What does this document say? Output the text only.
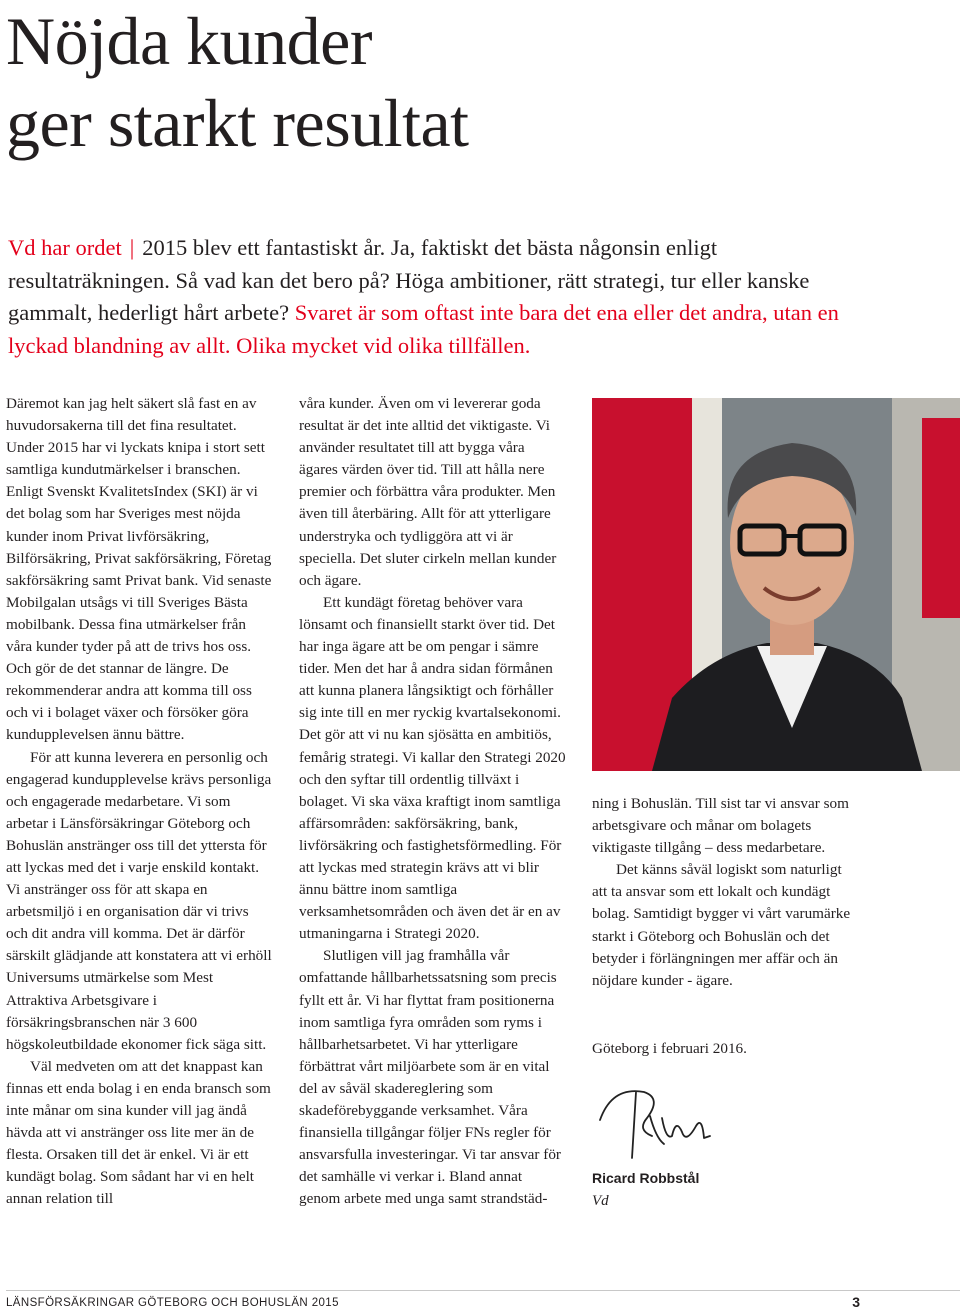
Nöjda kunder
ger starkt resultat

Vd har ordet | 2015 blev ett fantastiskt år. Ja, faktiskt det bästa någonsin enligt resultaträkningen. Så vad kan det bero på? Höga ambitioner, rätt strategi, tur eller kanske gammalt, hederligt hårt arbete? Svaret är som oftast inte bara det ena eller det andra, utan en lyckad blandning av allt. Olika mycket vid olika tillfällen.

Däremot kan jag helt säkert slå fast en av huvudorsakerna till det fina resultatet. Under 2015 har vi lyckats knipa i stort sett samtliga kundutmärkelser i branschen. Enligt Svenskt KvalitetsIndex (SKI) är vi det bolag som har Sveriges mest nöjda kunder inom Privat livförsäkring, Bilförsäkring, Privat sakförsäkring, Företag sakförsäkring samt Privat bank. Vid senaste Mobilgalan utsågs vi till Sveriges Bästa mobilbank. Dessa fina utmärkelser från våra kunder tyder på att de trivs hos oss. Och gör de det stannar de längre. De rekommenderar andra att komma till oss och vi i bolaget växer och försöker göra kundupplevelsen ännu bättre.

För att kunna leverera en personlig och engagerad kundupplevelse krävs personliga och engagerade medarbetare. Vi som arbetar i Länsförsäkringar Göteborg och Bohuslän anstränger oss till det yttersta för att lyckas med det i varje enskild kontakt. Vi anstränger oss för att skapa en arbetsmiljö i en organisation där vi trivs och dit andra vill komma. Det är därför särskilt glädjande att konstatera att vi erhöll Universums utmärkelse som Mest Attraktiva Arbetsgivare i försäkringsbranschen när 3 600 högskoleutbildade ekonomer fick säga sitt.

Väl medveten om att det knappast kan finnas ett enda bolag i en enda bransch som inte månar om sina kunder vill jag ändå hävda att vi anstränger oss lite mer än de flesta. Orsaken till det är enkel. Vi är ett kundägt bolag. Som sådant har vi en helt annan relation till

våra kunder. Även om vi levererar goda resultat är det inte alltid det viktigaste. Vi använder resultatet till att bygga våra ägares värden över tid. Till att hålla nere premier och förbättra våra produkter. Men även till återbäring. Allt för att ytterligare understryka och tydliggöra att vi är speciella. Det sluter cirkeln mellan kunder och ägare.

Ett kundägt företag behöver vara lönsamt och finansiellt starkt över tid. Det har inga ägare att be om pengar i sämre tider. Men det har å andra sidan förmånen att kunna planera långsiktigt och förhåller sig inte till en mer ryckig kvartalsekonomi. Det gör att vi nu kan sjösätta en ambitiös, femårig strategi. Vi kallar den Strategi 2020 och den syftar till ordentlig tillväxt i bolaget. Vi ska växa kraftigt inom samtliga affärsområden: sakförsäkring, bank, livförsäkring och fastighetsförmedling. För att lyckas med strategin krävs att vi blir ännu bättre inom samtliga verksamhetsområden och även det är en av utmaningarna i Strategi 2020.

Slutligen vill jag framhålla vår omfattande hållbarhetssatsning som precis fyllt ett år. Vi har flyttat fram positionerna inom samtliga fyra områden som ryms i hållbarhetsarbetet. Vi har ytterligare förbättrat vårt miljöarbete som är en vital del av såväl skadereglering som skadeförebyggande verksamhet. Våra finansiella tillgångar följer FNs regler för ansvarsfulla investeringar. Vi tar ansvar för det samhälle vi verkar i. Bland annat genom arbete med unga samt strandstäd-

ning i Bohuslän. Till sist tar vi ansvar som arbetsgivare och månar om bolagets viktigaste tillgång – dess medarbetare.

Det känns såväl logiskt som naturligt att ta ansvar som ett lokalt och kundägt bolag. Samtidigt bygger vi vårt varumärke starkt i Göteborg och Bohuslän och det betyder i förlängningen mer affär och än nöjdare kunder - ägare.

Göteborg i februari 2016.

Ricard Robbstål

Vd

LÄNSFÖRSÄKRINGAR GÖTEBORG OCH BOHUSLÄN 2015	3
